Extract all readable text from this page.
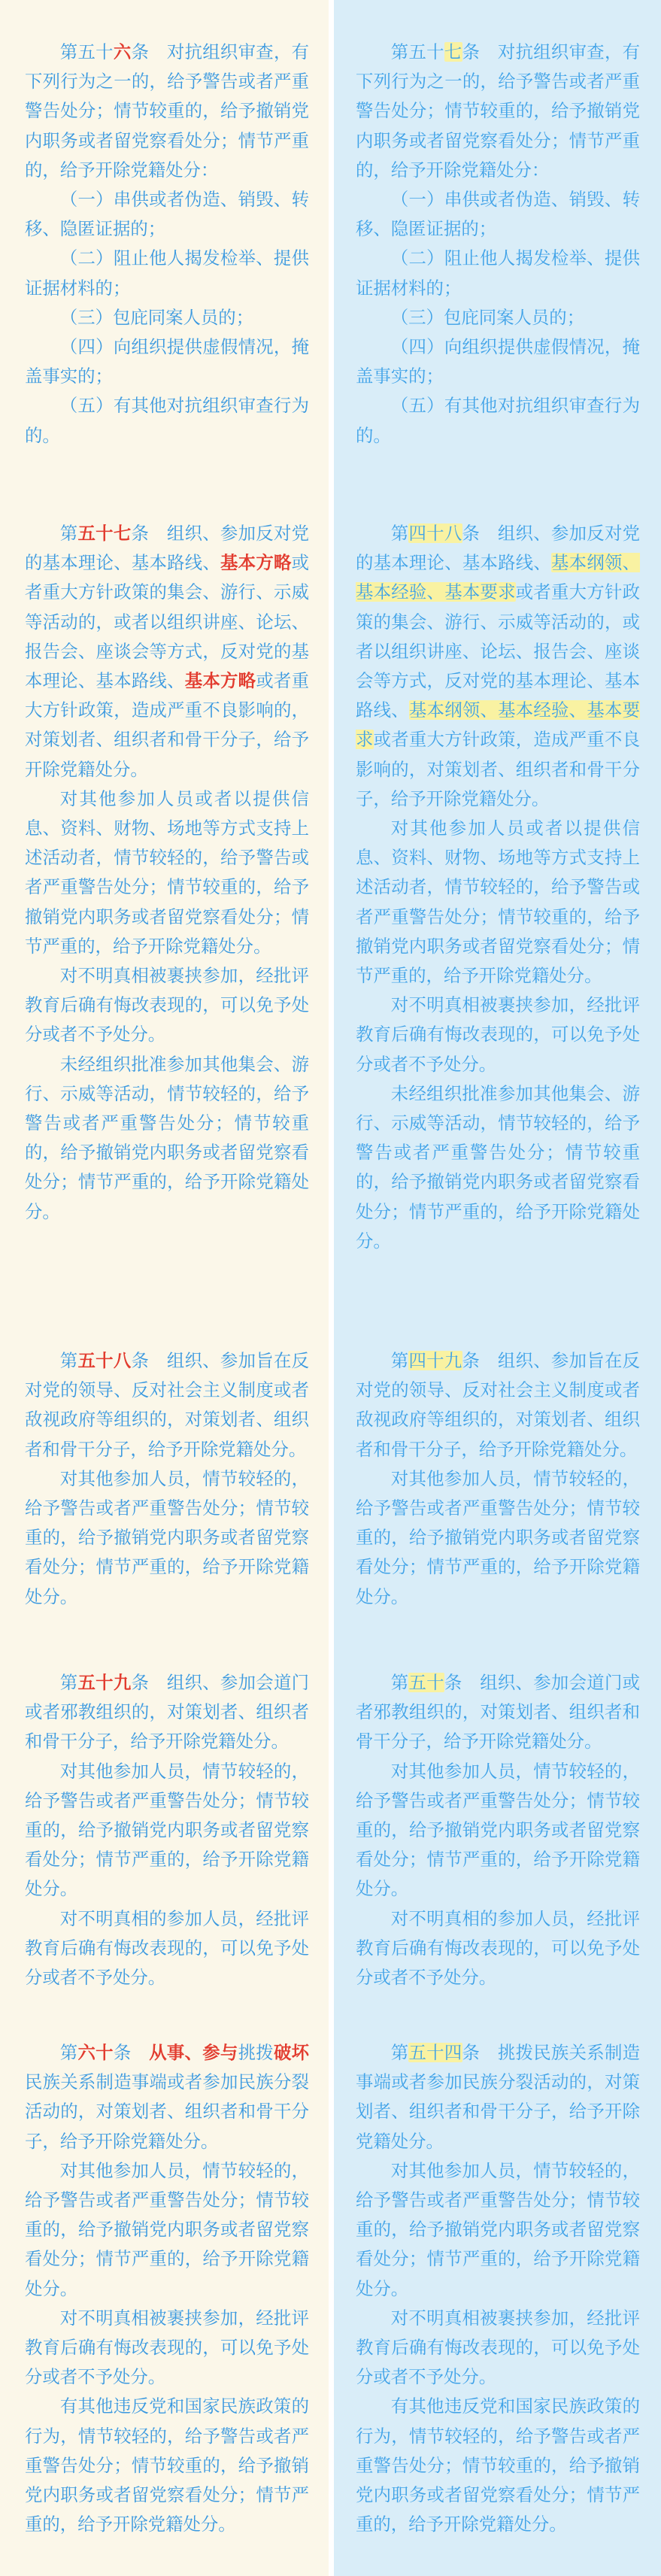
第五十六条　对抗组织审查，有下列行为之一的，给予警告或者严重警告处分；情节较重的，给予撤销党内职务或者留党察看处分；情节严重的，给予开除党籍处分：

（一）串供或者伪造、销毁、转移、隐匿证据的；

（二）阻止他人揭发检举、提供证据材料的；

（三）包庇同案人员的；

（四）向组织提供虚假情况，掩盖事实的；

（五）有其他对抗组织审查行为的。

第五十七条　组织、参加反对党的基本理论、基本路线、基本方略或者重大方针政策的集会、游行、示威等活动的，或者以组织讲座、论坛、报告会、座谈会等方式，反对党的基本理论、基本路线、基本方略或者重大方针政策，造成严重不良影响的，对策划者、组织者和骨干分子，给予开除党籍处分。

对其他参加人员或者以提供信息、资料、财物、场地等方式支持上述活动者，情节较轻的，给予警告或者严重警告处分；情节较重的，给予撤销党内职务或者留党察看处分；情节严重的，给予开除党籍处分。

对不明真相被裹挟参加，经批评教育后确有悔改表现的，可以免予处分或者不予处分。

未经组织批准参加其他集会、游行、示威等活动，情节较轻的，给予警告或者严重警告处分；情节较重的，给予撤销党内职务或者留党察看处分；情节严重的，给予开除党籍处分。

第五十八条　组织、参加旨在反对党的领导、反对社会主义制度或者敌视政府等组织的，对策划者、组织者和骨干分子，给予开除党籍处分。

对其他参加人员，情节较轻的，给予警告或者严重警告处分；情节较重的，给予撤销党内职务或者留党察看处分；情节严重的，给予开除党籍处分。

第五十九条　组织、参加会道门或者邪教组织的，对策划者、组织者和骨干分子，给予开除党籍处分。

对其他参加人员，情节较轻的，给予警告或者严重警告处分；情节较重的，给予撤销党内职务或者留党察看处分；情节严重的，给予开除党籍处分。

对不明真相的参加人员，经批评教育后确有悔改表现的，可以免予处分或者不予处分。

第六十条　从事、参与挑拨破坏民族关系制造事端或者参加民族分裂活动的，对策划者、组织者和骨干分子，给予开除党籍处分。

对其他参加人员，情节较轻的，给予警告或者严重警告处分；情节较重的，给予撤销党内职务或者留党察看处分；情节严重的，给予开除党籍处分。

对不明真相被裹挟参加，经批评教育后确有悔改表现的，可以免予处分或者不予处分。

有其他违反党和国家民族政策的行为，情节较轻的，给予警告或者严重警告处分；情节较重的，给予撤销党内职务或者留党察看处分；情节严重的，给予开除党籍处分。

第五十七条　对抗组织审查，有下列行为之一的，给予警告或者严重警告处分；情节较重的，给予撤销党内职务或者留党察看处分；情节严重的，给予开除党籍处分：

（一）串供或者伪造、销毁、转移、隐匿证据的；

（二）阻止他人揭发检举、提供证据材料的；

（三）包庇同案人员的；

（四）向组织提供虚假情况，掩盖事实的；

（五）有其他对抗组织审查行为的。

第四十八条　组织、参加反对党的基本理论、基本路线、基本纲领、基本经验、基本要求或者重大方针政策的集会、游行、示威等活动的，或者以组织讲座、论坛、报告会、座谈会等方式，反对党的基本理论、基本路线、基本纲领、基本经验、基本要求或者重大方针政策，造成严重不良影响的，对策划者、组织者和骨干分子，给予开除党籍处分。

对其他参加人员或者以提供信息、资料、财物、场地等方式支持上述活动者，情节较轻的，给予警告或者严重警告处分；情节较重的，给予撤销党内职务或者留党察看处分；情节严重的，给予开除党籍处分。

对不明真相被裹挟参加，经批评教育后确有悔改表现的，可以免予处分或者不予处分。

未经组织批准参加其他集会、游行、示威等活动，情节较轻的，给予警告或者严重警告处分；情节较重的，给予撤销党内职务或者留党察看处分；情节严重的，给予开除党籍处分。

第四十九条　组织、参加旨在反对党的领导、反对社会主义制度或者敌视政府等组织的，对策划者、组织者和骨干分子，给予开除党籍处分。

对其他参加人员，情节较轻的，给予警告或者严重警告处分；情节较重的，给予撤销党内职务或者留党察看处分；情节严重的，给予开除党籍处分。

第五十条　组织、参加会道门或者邪教组织的，对策划者、组织者和骨干分子，给予开除党籍处分。

对其他参加人员，情节较轻的，给予警告或者严重警告处分；情节较重的，给予撤销党内职务或者留党察看处分；情节严重的，给予开除党籍处分。

对不明真相的参加人员，经批评教育后确有悔改表现的，可以免予处分或者不予处分。

第五十四条　挑拨民族关系制造事端或者参加民族分裂活动的，对策划者、组织者和骨干分子，给予开除党籍处分。

对其他参加人员，情节较轻的，给予警告或者严重警告处分；情节较重的，给予撤销党内职务或者留党察看处分；情节严重的，给予开除党籍处分。

对不明真相被裹挟参加，经批评教育后确有悔改表现的，可以免予处分或者不予处分。

有其他违反党和国家民族政策的行为，情节较轻的，给予警告或者严重警告处分；情节较重的，给予撤销党内职务或者留党察看处分；情节严重的，给予开除党籍处分。
